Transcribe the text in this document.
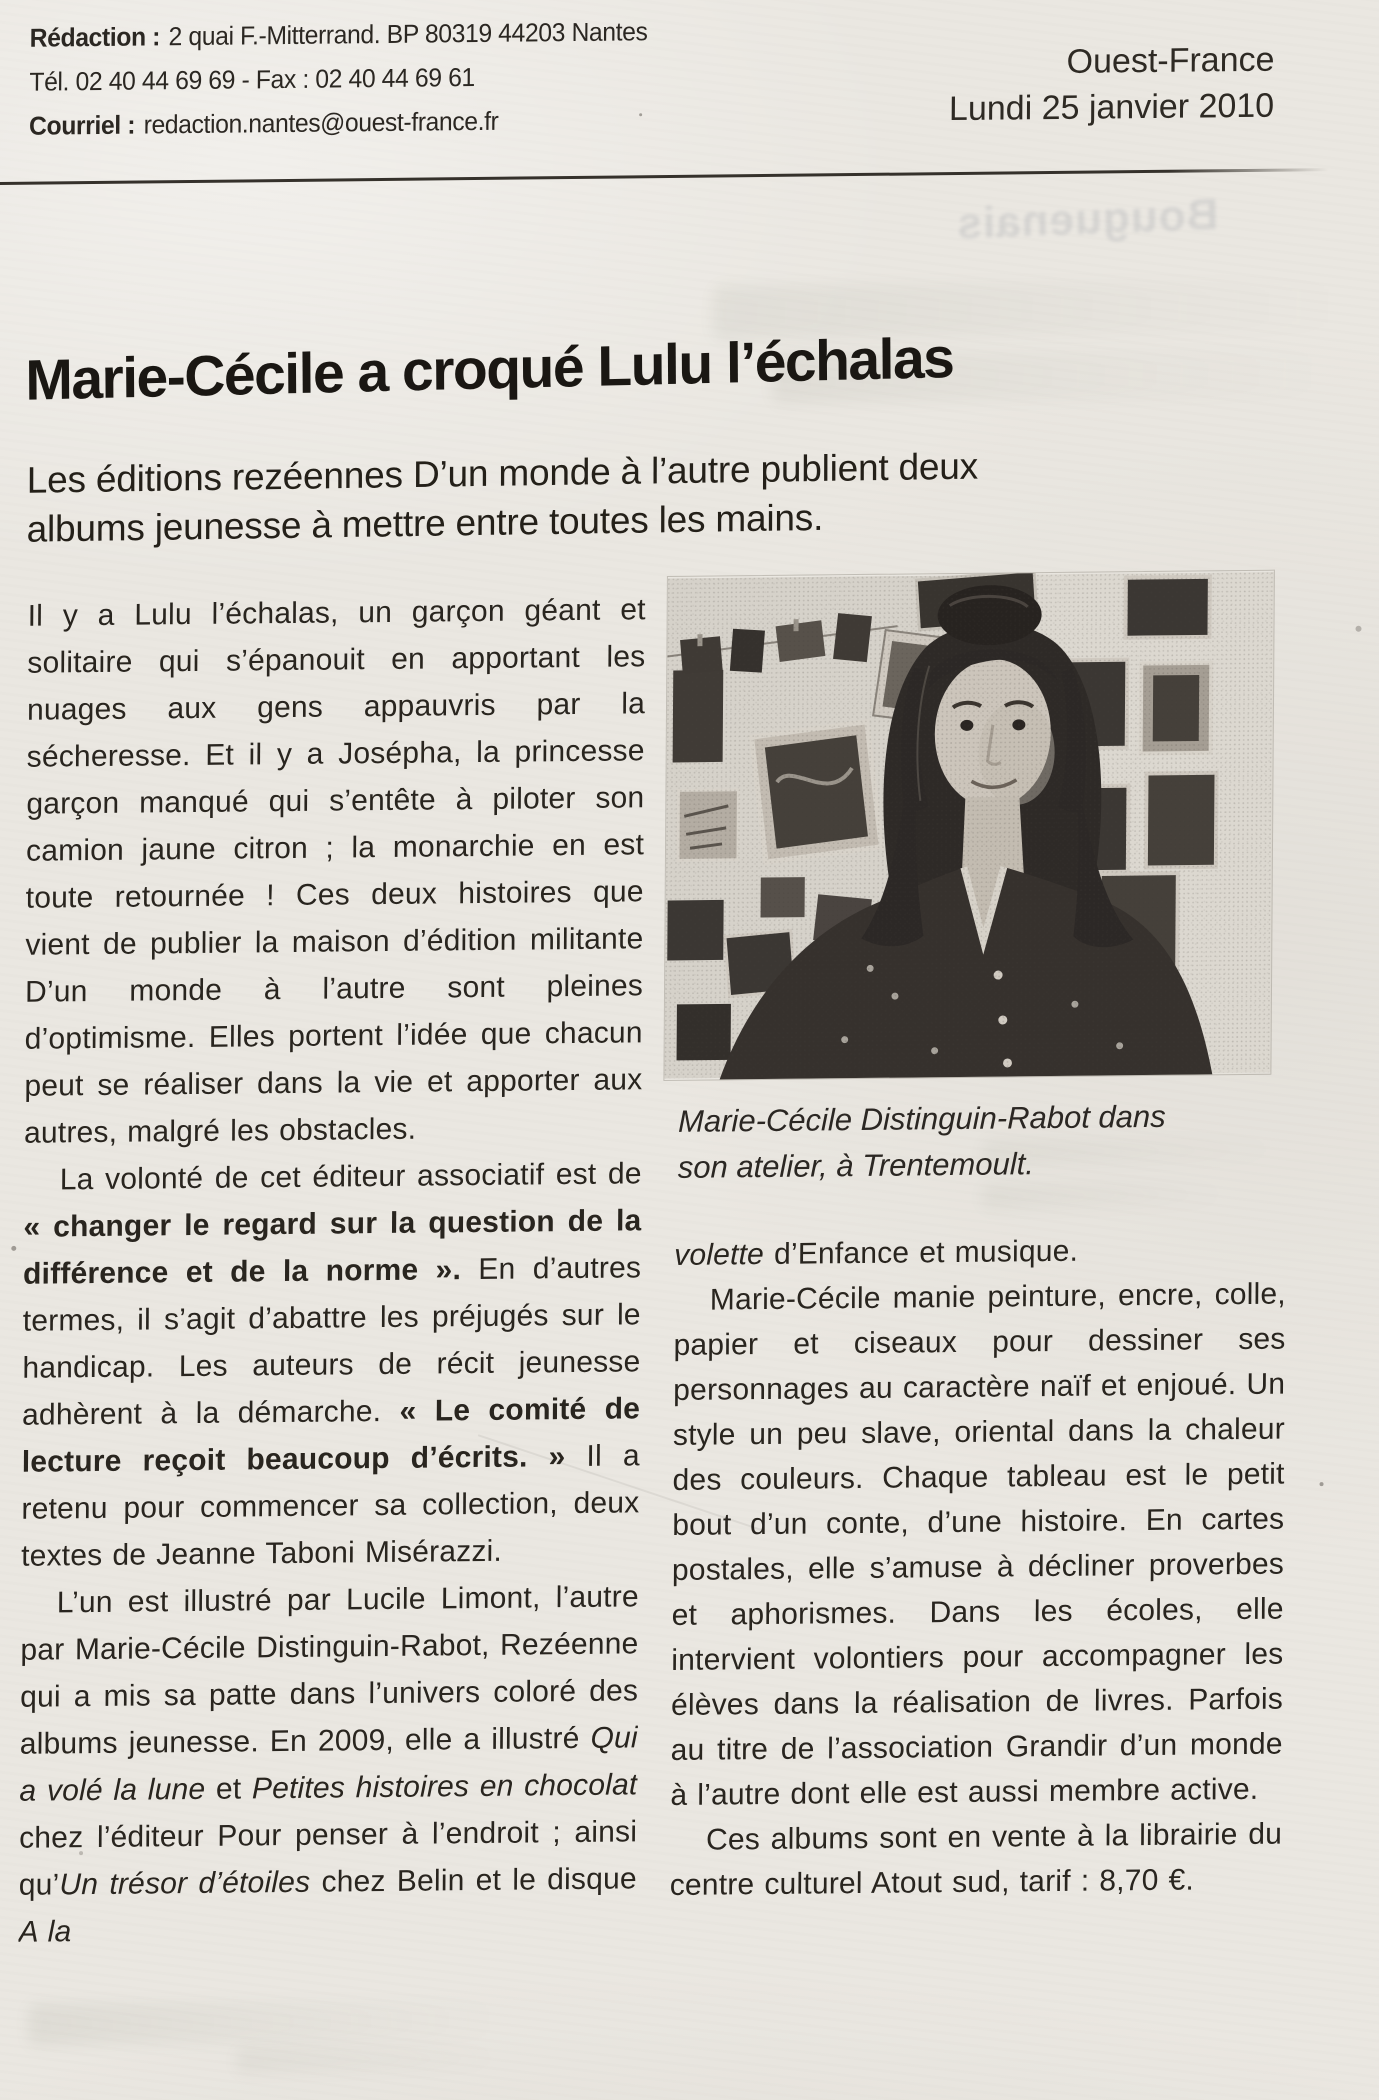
Bouguenais
Rédaction : 2 quai F.-Mitterrand. BP 80319 44203 Nantes
Tél. 02 40 44 69 69 - Fax : 02 40 44 69 61
Courriel : redaction.nantes@ouest-france.fr
Ouest-France
Lundi 25 janvier 2010
Marie-Cécile a croqué Lulu l’échalas

Les éditions rezéennes D’un monde à l’autre publient deux albums jeunesse à mettre entre toutes les mains.

Il y a Lulu l’échalas, un garçon géant et solitaire qui s’épanouit en apportant les nuages aux gens appauvris par la sécheresse. Et il y a Josépha, la princesse garçon manqué qui s’entête à piloter son camion jaune citron ; la monarchie en est toute retournée ! Ces deux histoires que vient de publier la maison d’édition militante D’un monde à l’autre sont pleines d’optimisme. Elles portent l’idée que chacun peut se réaliser dans la vie et apporter aux autres, malgré les obstacles.

La volonté de cet éditeur associatif est de « changer le regard sur la question de la différence et de la norme ». En d’autres termes, il s’agit d’abattre les préjugés sur le handicap. Les auteurs de récit jeunesse adhèrent à la démarche. « Le comité de lecture reçoit beaucoup d’écrits. » Il a retenu pour commencer sa collection, deux textes de Jeanne Taboni Misérazzi.

L’un est illustré par Lucile Limont, l’autre par Marie-Cécile Distinguin-Rabot, Rezéenne qui a mis sa patte dans l’univers coloré des albums jeunesse. En 2009, elle a illustré Qui a volé la lune et Petites histoires en chocolat chez l’éditeur Pour penser à l’endroit ; ainsi qu’Un trésor d’étoiles chez Belin et le disque A la

Marie-Cécile Distinguin-Rabot dans son atelier, à Trentemoult.

volette d’Enfance et musique.

Marie-Cécile manie peinture, encre, colle, papier et ciseaux pour dessiner ses personnages au caractère naïf et enjoué. Un style un peu slave, oriental dans la chaleur des couleurs. Chaque tableau est le petit bout d’un conte, d’une histoire. En cartes postales, elle s’amuse à décliner proverbes et aphorismes. Dans les écoles, elle intervient volontiers pour accompagner les élèves dans la réalisation de livres. Parfois au titre de l’association Grandir d’un monde à l’autre dont elle est aussi membre active.

Ces albums sont en vente à la librairie du centre culturel Atout sud, tarif : 8,70 €.
